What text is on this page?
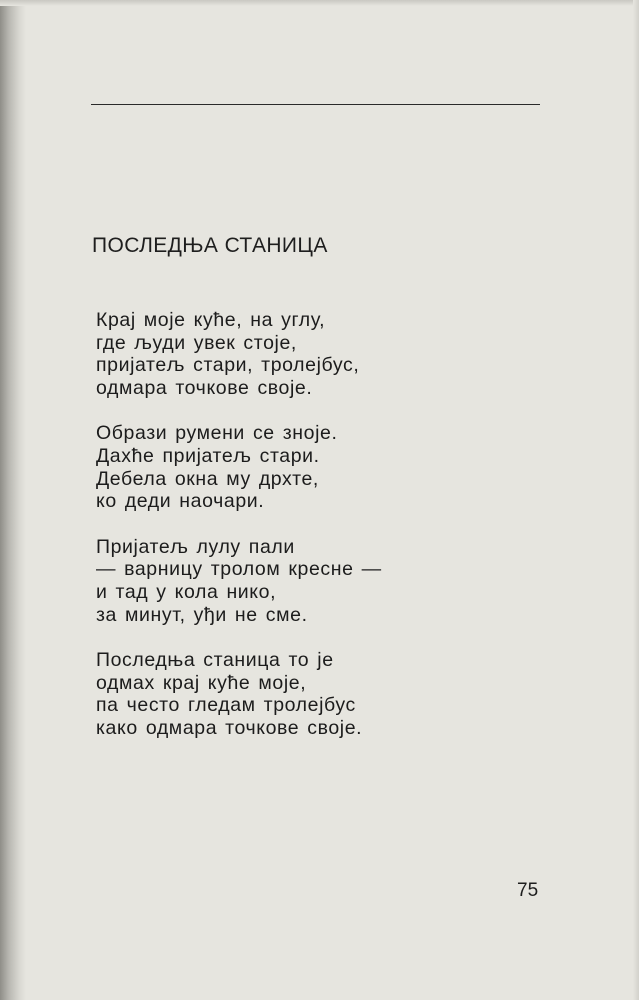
ПОСЛЕДЊА СТАНИЦА
Крај моје куће, на углу,
где људи увек стоје,
пријатељ стари, тролејбус,
одмара точкове своје.
Образи румени се зноје.
Дахће пријатељ стари.
Дебела окна му дрхте,
ко деди наочари.
Пријатељ лулу пали
— варницу тролом кресне —
и тад у кола нико,
за минут, уђи не сме.
Последња станица то је
одмах крај куће моје,
па често гледам тролејбус
како одмара точкове своје.
75
